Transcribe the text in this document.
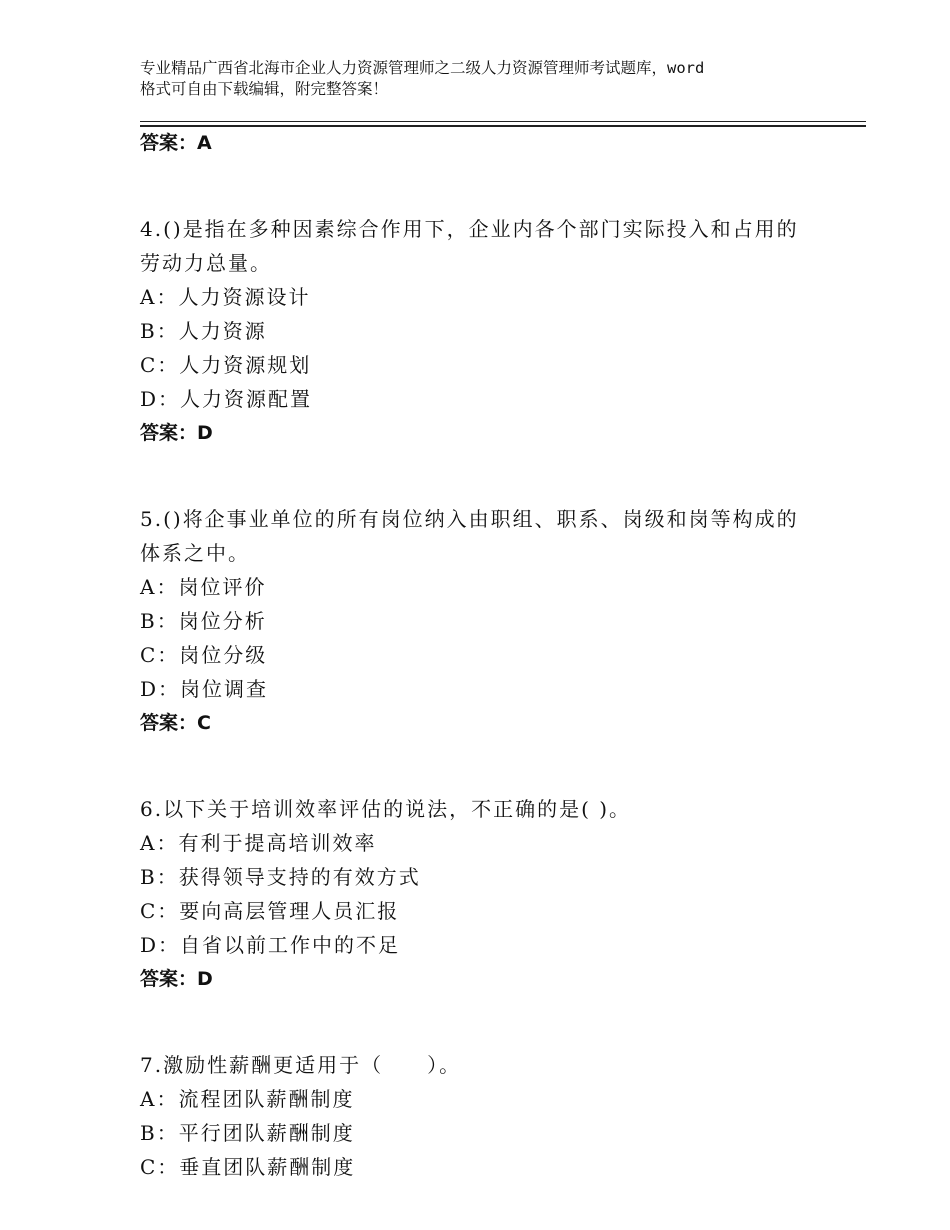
专业精品广西省北海市企业人力资源管理师之二级人力资源管理师考试题库，word
格式可自由下载编辑，附完整答案！
答案：A
4.()是指在多种因素综合作用下，企业内各个部门实际投入和占用的
劳动力总量。
A：人力资源设计
B：人力资源
C：人力资源规划
D：人力资源配置
答案：D
5.()将企事业单位的所有岗位纳入由职组、职系、岗级和岗等构成的
体系之中。
A：岗位评价
B：岗位分析
C：岗位分级
D：岗位调查
答案：C
6.以下关于培训效率评估的说法，不正确的是( )。
A：有利于提高培训效率
B：获得领导支持的有效方式
C：要向高层管理人员汇报
D：自省以前工作中的不足
答案：D
7.激励性薪酬更适用于（　　）。
A：流程团队薪酬制度
B：平行团队薪酬制度
C：垂直团队薪酬制度
